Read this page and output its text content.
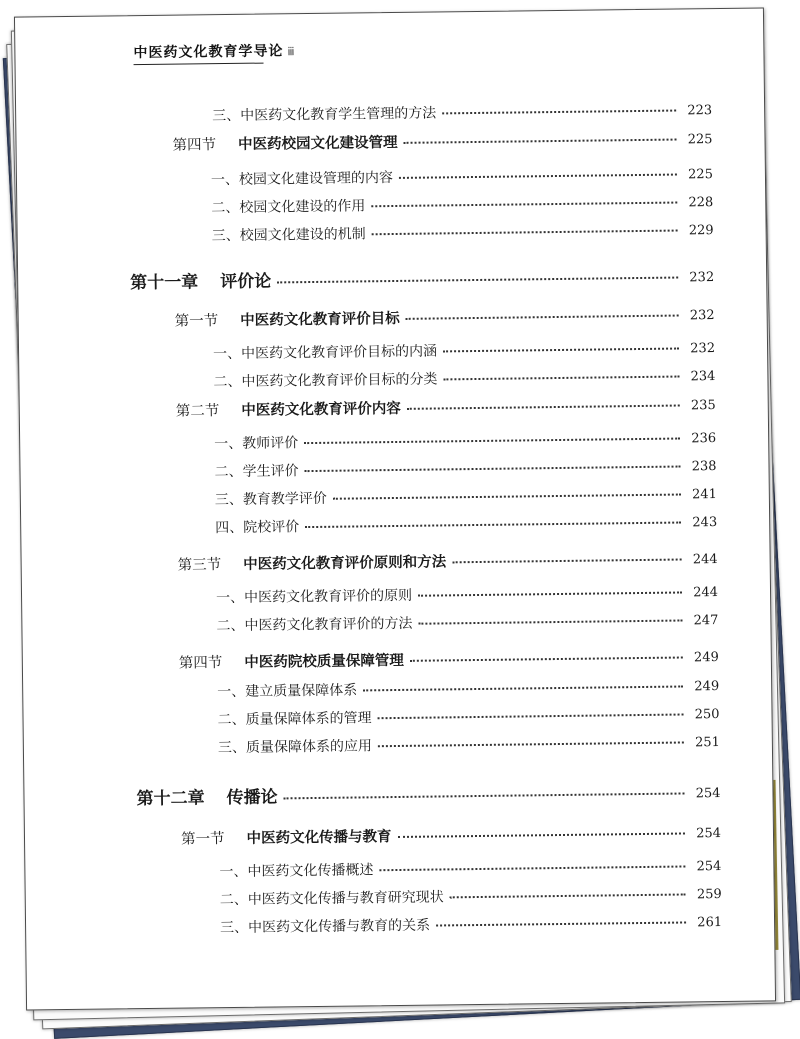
中医药文化教育学导论 ⅲ
三、中医药文化教育学生管理的方法	223
第四节 中医药校园文化建设管理	225
一、校园文化建设管理的内容	225
二、校园文化建设的作用	228
三、校园文化建设的机制	229
第十一章 评价论	232
第一节 中医药文化教育评价目标	232
一、中医药文化教育评价目标的内涵	232
二、中医药文化教育评价目标的分类	234
第二节 中医药文化教育评价内容	235
一、教师评价	236
二、学生评价	238
三、教育教学评价	241
四、院校评价	243
第三节 中医药文化教育评价原则和方法	244
一、中医药文化教育评价的原则	244
二、中医药文化教育评价的方法	247
第四节 中医药院校质量保障管理	249
一、建立质量保障体系	249
二、质量保障体系的管理	250
三、质量保障体系的应用	251
第十二章 传播论	254
第一节 中医药文化传播与教育	254
一、中医药文化传播概述	254
二、中医药文化传播与教育研究现状	259
三、中医药文化传播与教育的关系	261
